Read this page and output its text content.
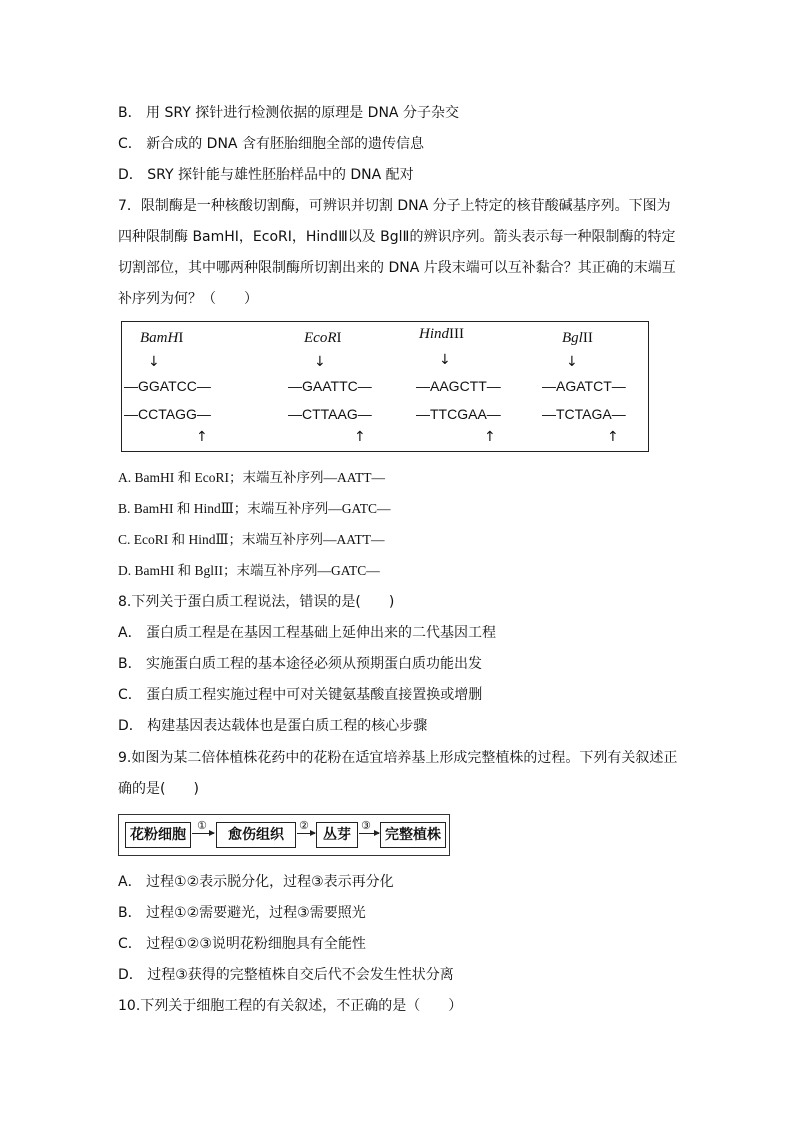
B． 用 SRY 探针进行检测依据的原理是 DNA 分子杂交
C． 新合成的 DNA 含有胚胎细胞全部的遗传信息
D． SRY 探针能与雄性胚胎样品中的 DNA 配对
7．限制酶是一种核酸切割酶，可辨识并切割 DNA 分子上特定的核苷酸碱基序列。下图为
四种限制酶 BamHI，EcoRI，HindⅢ以及 BglⅡ的辨识序列。箭头表示每一种限制酶的特定
切割部位，其中哪两种限制酶所切割出来的 DNA 片段末端可以互补黏合？其正确的末端互
补序列为何？（　　）
BamHI
↓
—GGATCC—
—CCTAGG—
↑
EcoRI
↓
—GAATTC—
—CTTAAG—
↑
HindIII
↓
—AAGCTT—
—TTCGAA—
↑
BglII
↓
—AGATCT—
—TCTAGA—
↑
A. BamHI 和 EcoRI；末端互补序列—AATT—
B. BamHI 和 HindⅢ；末端互补序列—GATC—
C. EcoRI 和 HindⅢ；末端互补序列—AATT—
D. BamHI 和 BglII；末端互补序列—GATC—
8.下列关于蛋白质工程说法，错误的是(　　)
A． 蛋白质工程是在基因工程基础上延伸出来的二代基因工程
B． 实施蛋白质工程的基本途径必须从预期蛋白质功能出发
C． 蛋白质工程实施过程中可对关键氨基酸直接置换或增删
D． 构建基因表达载体也是蛋白质工程的核心步骤
9.如图为某二倍体植株花药中的花粉在适宜培养基上形成完整植株的过程。下列有关叙述正
确的是(　　)
花粉细胞
①
愈伤组织
②
丛芽
③
完整植株
A． 过程①②表示脱分化，过程③表示再分化
B． 过程①②需要避光，过程③需要照光
C． 过程①②③说明花粉细胞具有全能性
D． 过程③获得的完整植株自交后代不会发生性状分离
10.下列关于细胞工程的有关叙述，不正确的是（　　）
